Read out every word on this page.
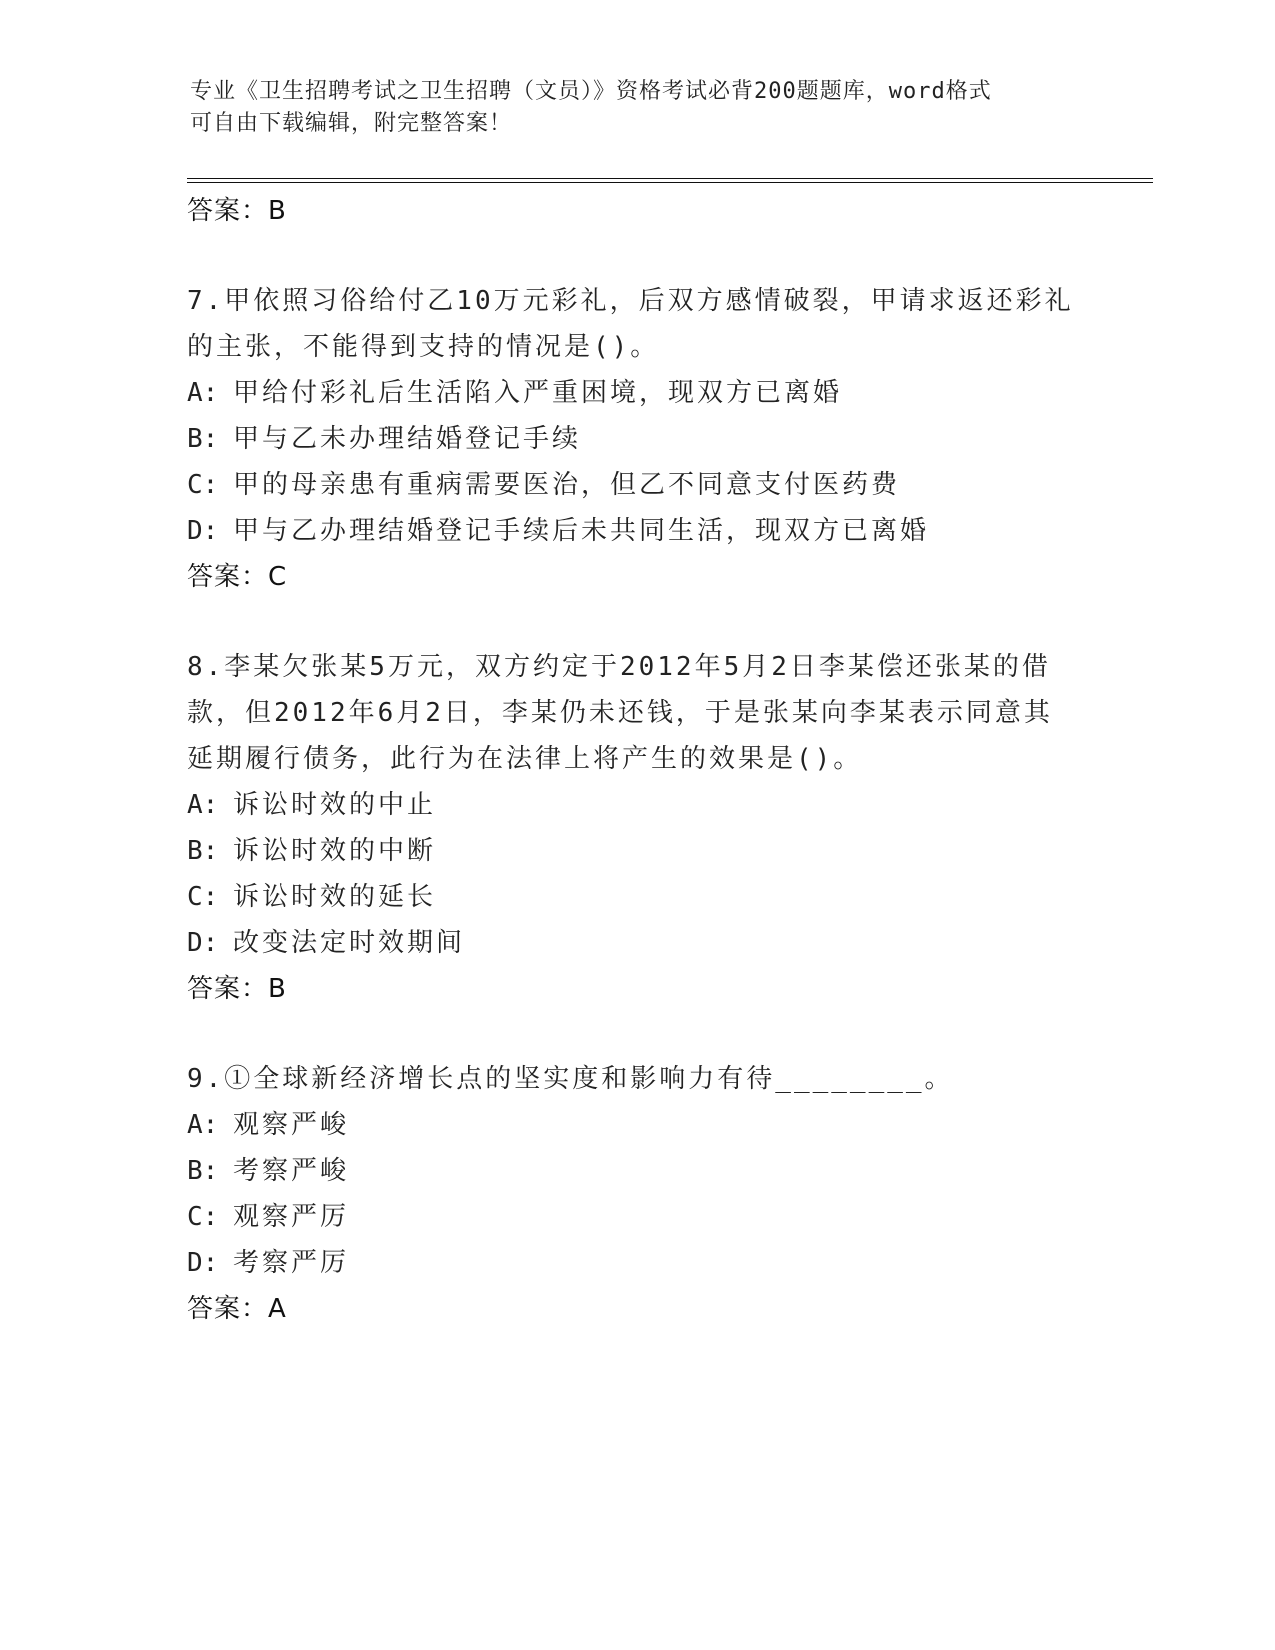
专业《卫生招聘考试之卫生招聘（文员）》资格考试必背200题题库，word格式
可自由下载编辑，附完整答案！
答案：B
7.甲依照习俗给付乙10万元彩礼，后双方感情破裂，甲请求返还彩礼
的主张，不能得到支持的情况是()。
A: 甲给付彩礼后生活陷入严重困境，现双方已离婚
B: 甲与乙未办理结婚登记手续
C: 甲的母亲患有重病需要医治，但乙不同意支付医药费
D: 甲与乙办理结婚登记手续后未共同生活，现双方已离婚
答案：C
8.李某欠张某5万元，双方约定于2012年5月2日李某偿还张某的借
款，但2012年6月2日，李某仍未还钱，于是张某向李某表示同意其
延期履行债务，此行为在法律上将产生的效果是()。
A: 诉讼时效的中止
B: 诉讼时效的中断
C: 诉讼时效的延长
D: 改变法定时效期间
答案：B
9.①全球新经济增长点的坚实度和影响力有待________。
A: 观察严峻
B: 考察严峻
C: 观察严厉
D: 考察严厉
答案：A
